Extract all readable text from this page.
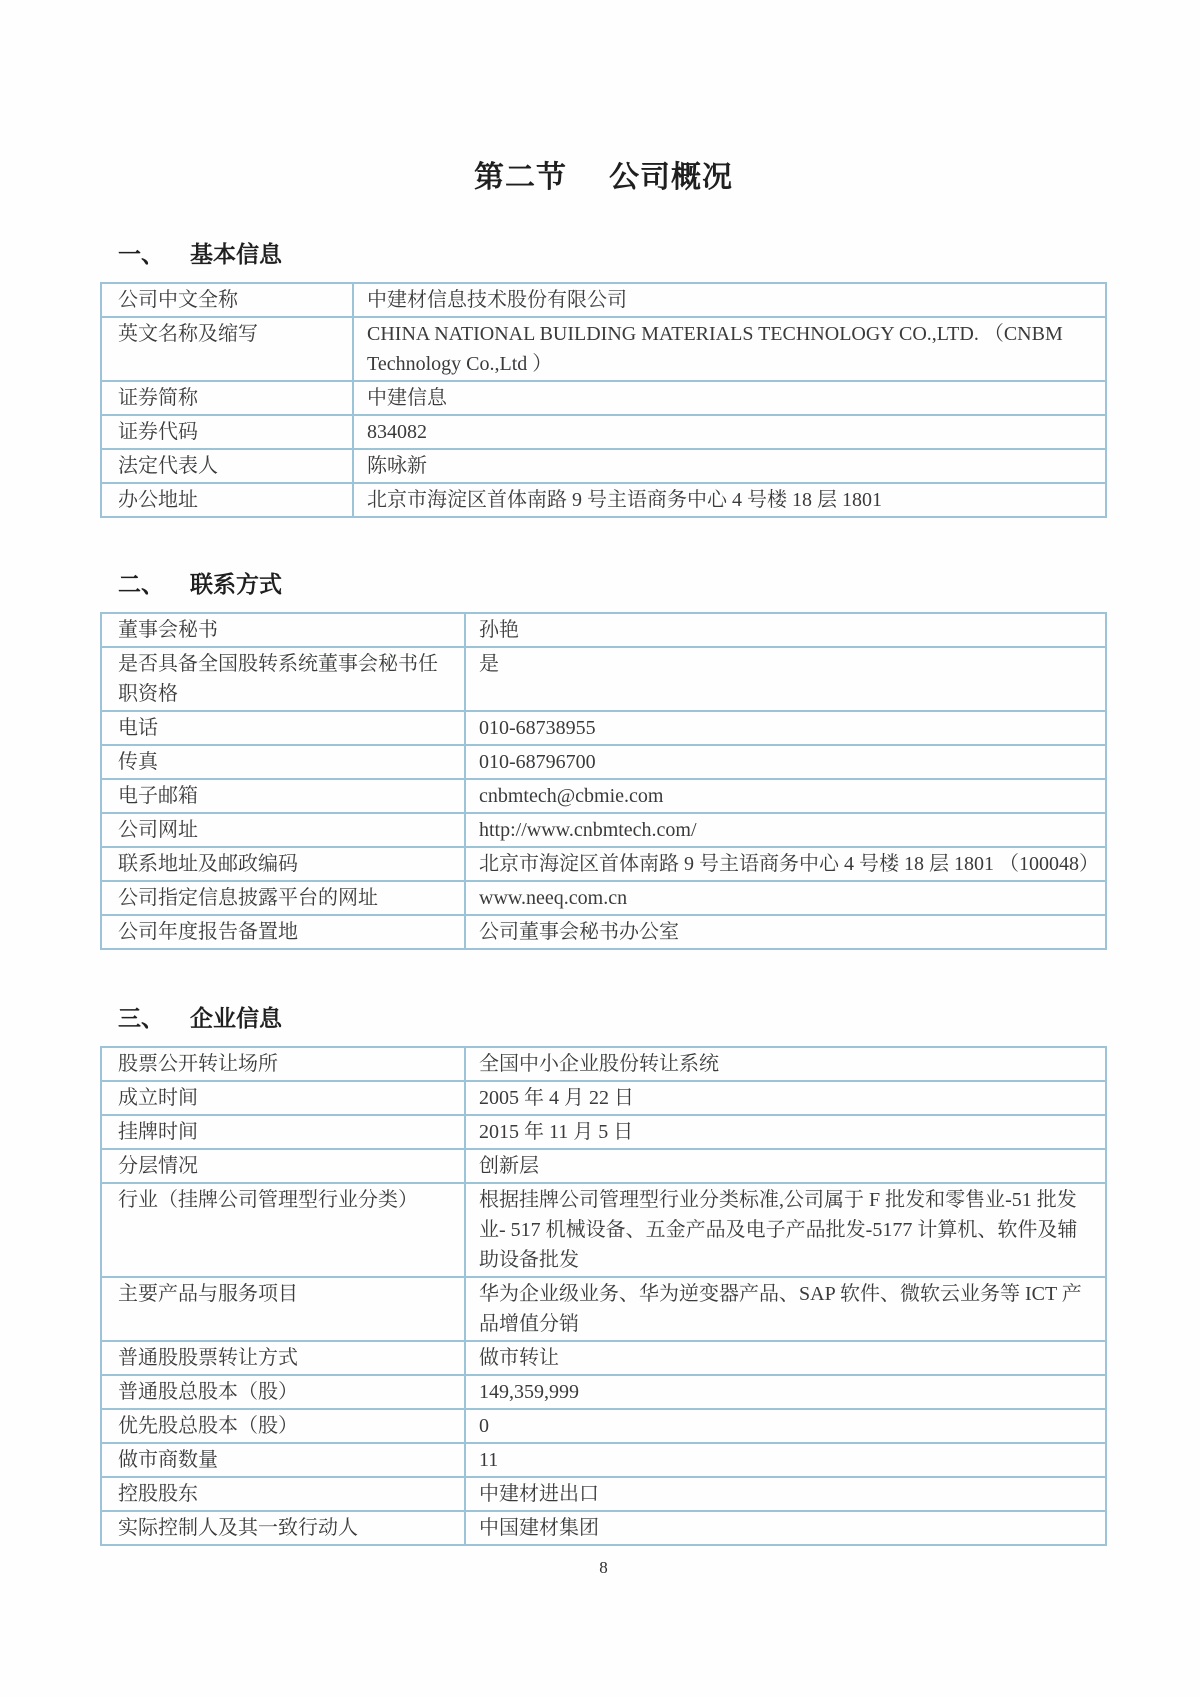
第二节 公司概况
一、 基本信息
公司中文全称	中建材信息技术股份有限公司
英文名称及缩写	CHINA NATIONAL BUILDING MATERIALS TECHNOLOGY CO.,LTD. （CNBM Technology Co.,Ltd ）
证券简称	中建信息
证券代码	834082
法定代表人	陈咏新
办公地址	北京市海淀区首体南路 9 号主语商务中心 4 号楼 18 层 1801
二、 联系方式
董事会秘书	孙艳
是否具备全国股转系统董事会秘书任职资格	是
电话	010-68738955
传真	010-68796700
电子邮箱	cnbmtech@cbmie.com
公司网址	http://www.cnbmtech.com/
联系地址及邮政编码	北京市海淀区首体南路 9 号主语商务中心 4 号楼 18 层 1801 （100048）
公司指定信息披露平台的网址	www.neeq.com.cn
公司年度报告备置地	公司董事会秘书办公室
三、 企业信息
股票公开转让场所	全国中小企业股份转让系统
成立时间	2005 年 4 月 22 日
挂牌时间	2015 年 11 月 5 日
分层情况	创新层
行业（挂牌公司管理型行业分类）	根据挂牌公司管理型行业分类标准,公司属于 F 批发和零售业-51 批发业- 517 机械设备、五金产品及电子产品批发-5177 计算机、软件及辅助设备批发
主要产品与服务项目	华为企业级业务、华为逆变器产品、SAP 软件、微软云业务等 ICT 产品增值分销
普通股股票转让方式	做市转让
普通股总股本（股）	149,359,999
优先股总股本（股）	0
做市商数量	11
控股股东	中建材进出口
实际控制人及其一致行动人	中国建材集团
8
